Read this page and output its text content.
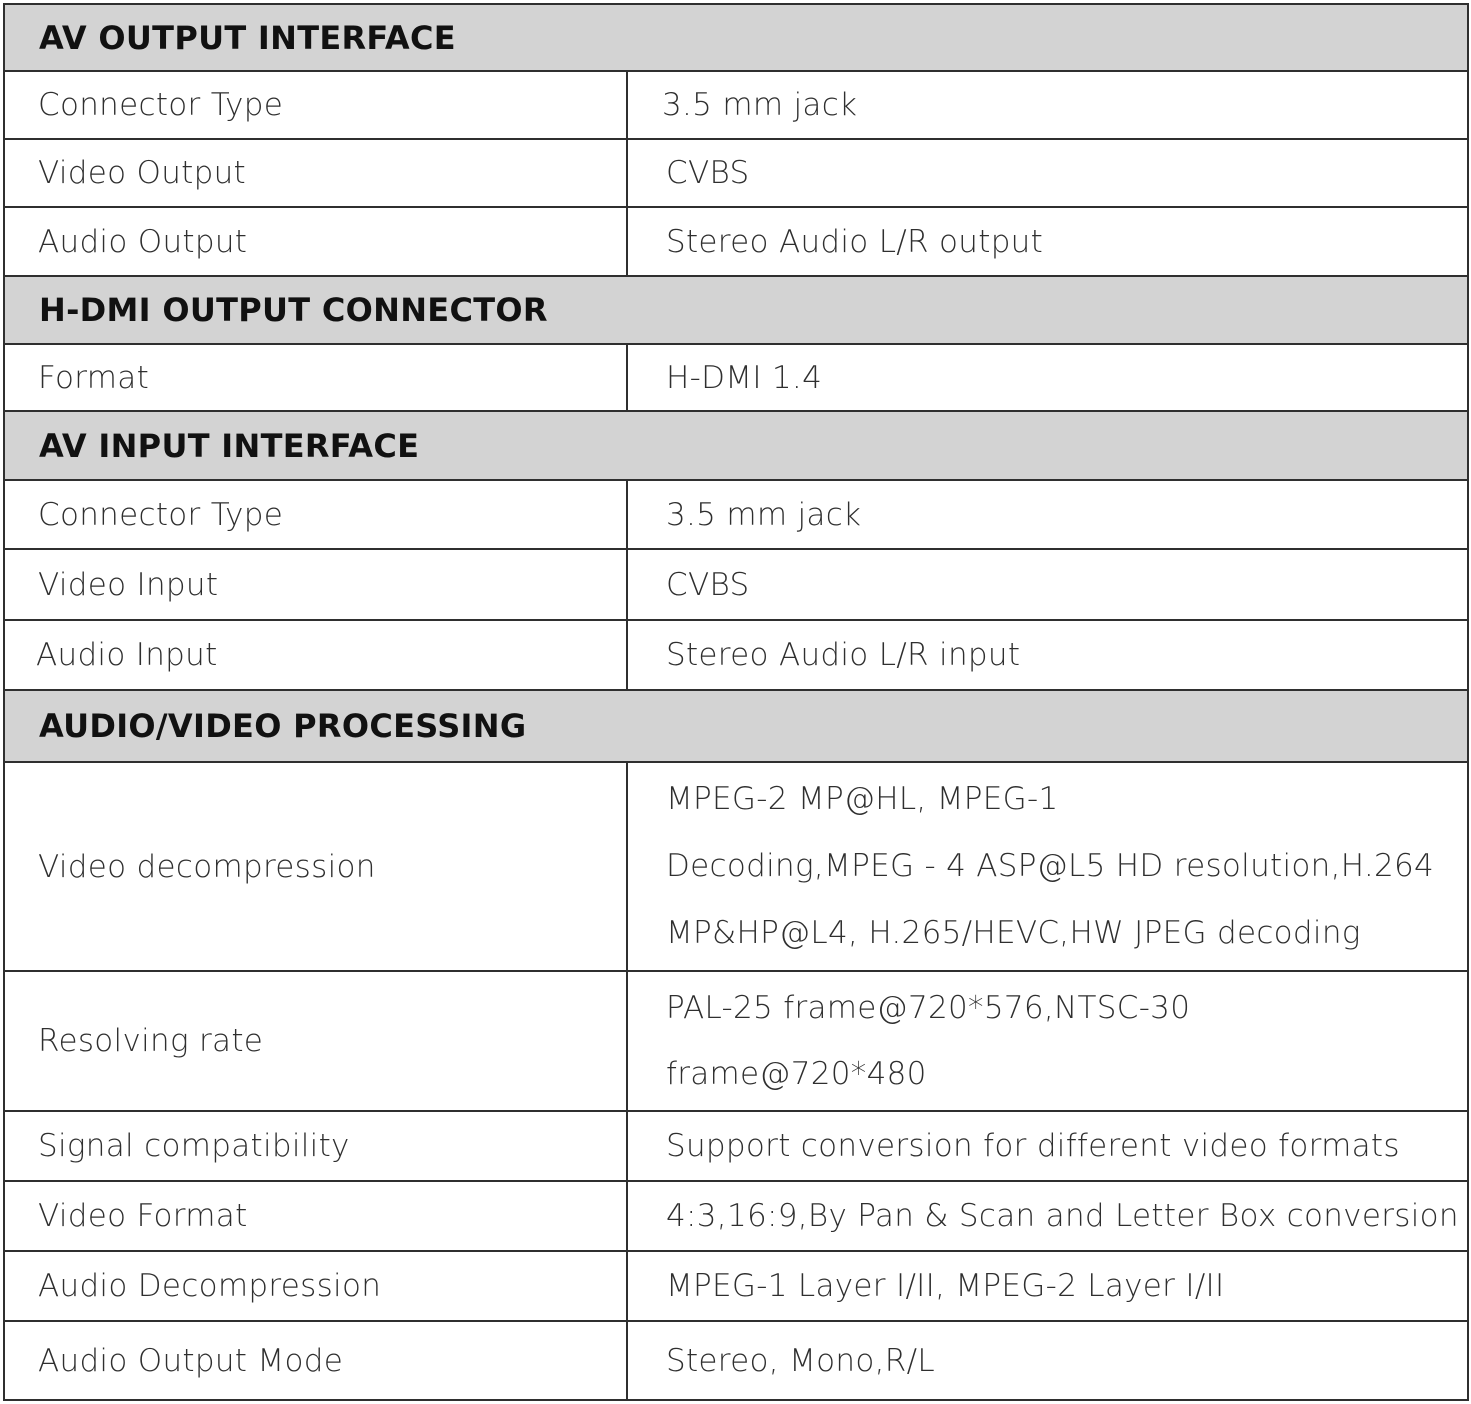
AV OUTPUT INTERFACE	
Connector Type	3.5 mm jack
Video Output	CVBS
Audio Output	Stereo Audio L/R output
H-DMI OUTPUT CONNECTOR	
Format	H-DMI 1.4
AV INPUT INTERFACE	
Connector Type	3.5 mm jack
Video Input	CVBS
Audio Input	Stereo Audio L/R input
AUDIO/VIDEO PROCESSING	
Video decompression	MPEG-2 MP@HL, MPEG-1
Decoding,MPEG - 4 ASP@L5 HD resolution,H.264
MP&HP@L4, H.265/HEVC,HW JPEG decoding

Resolving rate	PAL-25 frame@720*576,NTSC-30
frame@720*480

Signal compatibility	Support conversion for different video formats
Video Format	4:3,16:9,By Pan & Scan and Letter Box conversion
Audio Decompression	MPEG-1 Layer I/II, MPEG-2 Layer I/II
Audio Output Mode	Stereo, Mono,R/L
